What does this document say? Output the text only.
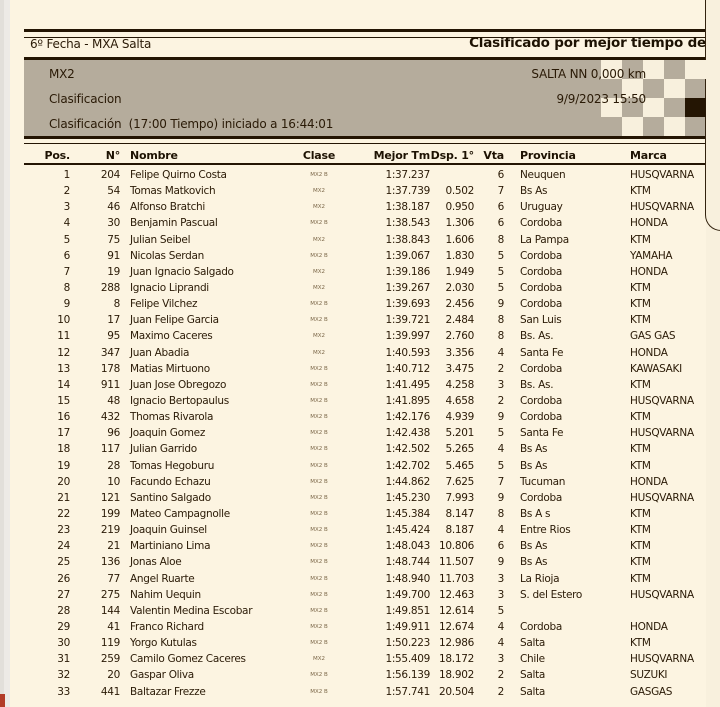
6º Fecha - MXA Salta	Clasificado por mejor tiempo de
MX2	SALTA NN 0,000 km
Clasificacion	9/9/2023 15:50
Clasificación  (17:00 Tiempo) iniciado a 16:44:01
Pos.	N° Nombre	Clase	Mejor Tm Dsp. 1° Vta	Provincia	Marca
1	204 Felipe Quirno Costa	MX2 B	1:37.237	6	Neuquen	HUSQVARNA
2	54 Tomas Matkovich	MX2	1:37.739	0.502	7	Bs As	KTM
3	46 Alfonso Bratchi	MX2	1:38.187	0.950	6	Uruguay	HUSQVARNA
4	30 Benjamin Pascual	MX2 B	1:38.543	1.306	6	Cordoba	HONDA
5	75 Julian Seibel	MX2	1:38.843	1.606	8	La Pampa	KTM
6	91 Nicolas Serdan	MX2 B	1:39.067	1.830	5	Cordoba	YAMAHA
7	19 Juan Ignacio Salgado	MX2	1:39.186	1.949	5	Cordoba	HONDA
8	288 Ignacio Liprandi	MX2	1:39.267	2.030	5	Cordoba	KTM
9	8 Felipe Vilchez	MX2 B	1:39.693	2.456	9	Cordoba	KTM
10	17 Juan Felipe Garcia	MX2 B	1:39.721	2.484	8	San Luis	KTM
11	95 Maximo Caceres	MX2	1:39.997	2.760	8	Bs. As.	GAS GAS
12	347 Juan Abadia	MX2	1:40.593	3.356	4	Santa Fe	HONDA
13	178 Matias Mirtuono	MX2 B	1:40.712	3.475	2	Cordoba	KAWASAKI
14	911 Juan Jose Obregozo	MX2 B	1:41.495	4.258	3	Bs. As.	KTM
15	48 Ignacio Bertopaulus	MX2 B	1:41.895	4.658	2	Cordoba	HUSQVARNA
16	432 Thomas Rivarola	MX2 B	1:42.176	4.939	9	Cordoba	KTM
17	96 Joaquin Gomez	MX2 B	1:42.438	5.201	5	Santa Fe	HUSQVARNA
18	117 Julian Garrido	MX2 B	1:42.502	5.265	4	Bs As	KTM
19	28 Tomas Hegoburu	MX2 B	1:42.702	5.465	5	Bs As	KTM
20	10 Facundo Echazu	MX2 B	1:44.862	7.625	7	Tucuman	HONDA
21	121 Santino Salgado	MX2 B	1:45.230	7.993	9	Cordoba	HUSQVARNA
22	199 Mateo Campagnolle	MX2 B	1:45.384	8.147	8	Bs A s	KTM
23	219 Joaquin Guinsel	MX2 B	1:45.424	8.187	4	Entre Rios	KTM
24	21 Martiniano Lima	MX2 B	1:48.043 10.806	6	Bs As	KTM
25	136 Jonas Aloe	MX2 B	1:48.744 11.507	9	Bs As	KTM
26	77 Angel Ruarte	MX2 B	1:48.940 11.703	3	La Rioja	KTM
27	275 Nahim Uequin	MX2 B	1:49.700 12.463	3	S. del Estero	HUSQVARNA
28	144 Valentin Medina Escobar	MX2 B	1:49.851 12.614	5
29	41 Franco Richard	MX2 B	1:49.911 12.674	4	Cordoba	HONDA
30	119 Yorgo Kutulas	MX2 B	1:50.223 12.986	4	Salta	KTM
31	259 Camilo Gomez Caceres	MX2	1:55.409 18.172	3	Chile	HUSQVARNA
32	20 Gaspar Oliva	MX2 B	1:56.139 18.902	2	Salta	SUZUKI
33	441 Baltazar Frezze	MX2 B	1:57.741 20.504	2	Salta	GASGAS
